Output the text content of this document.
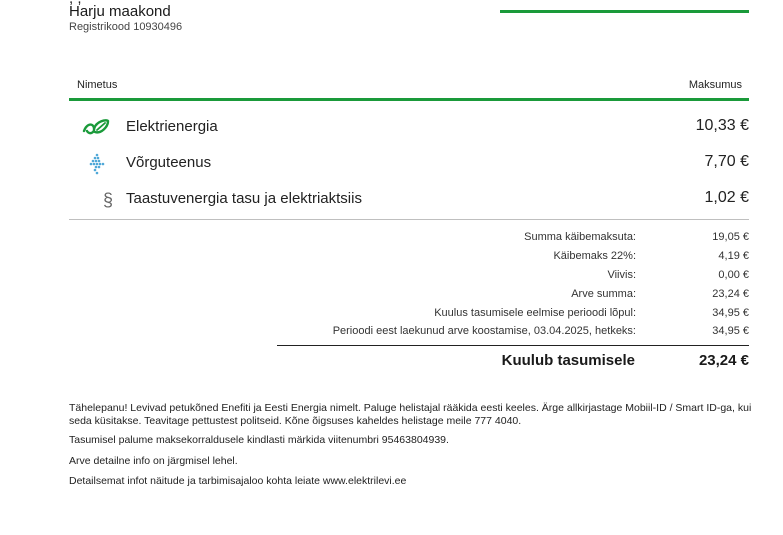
Harju maakond
Registrikood 10930496
Nimetus	Maksumus
Elektrienergia	10,33 €
Võrguteenus	7,70 €
§ Taastuvenergia tasu ja elektriaktsiis	1,02 €
Summa käibemaksuta:	19,05 €
Käibemaks 22%:	4,19 €
Viivis:	0,00 €
Arve summa:	23,24 €
Kuulus tasumisele eelmise perioodi lõpul:	34,95 €
Perioodi eest laekunud arve koostamise, 03.04.2025, hetkeks:	34,95 €
Kuulub tasumisele	23,24 €
Tähelepanu! Levivad petukõned Enefiti ja Eesti Energia nimelt. Paluge helistajal rääkida eesti keeles. Ärge allkirjastage Mobiil-ID / Smart ID-ga, kui seda küsitakse. Teavitage pettustest politseid. Kõne õigsuses kaheldes helistage meile 777 4040.
Tasumisel palume maksekorraldusele kindlasti märkida viitenumbri 95463804939.
Arve detailne info on järgmisel lehel.
Detailsemat infot näitude ja tarbimisajaloo kohta leiate www.elektrilevi.ee
